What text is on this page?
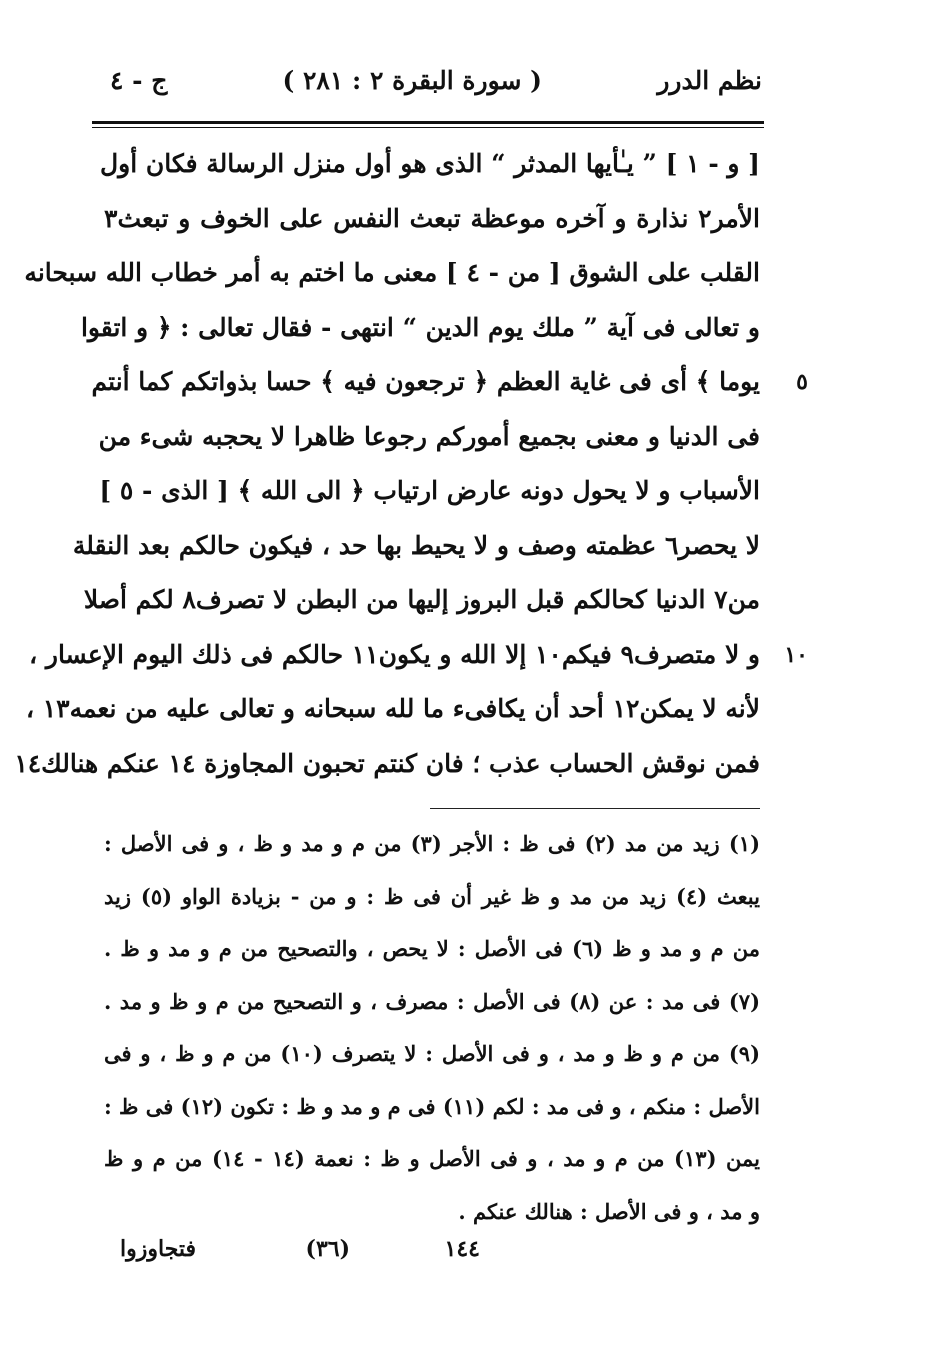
نظم الدرر
( سورة البقرة ٢ : ٢٨١ )
ج - ٤
[ و - ١ ] ” يـٰأيها المدثر “ الذى هو أول منزل الرسالة فكان أول
الأمر٢ نذارة و آخره موعظة تبعث النفس على الخوف و تبعث٣
القلب على الشوق [ من - ٤ ] معنى ما اختم به أمر خطاب الله سبحانه
و تعالى فى آية ” ملك يوم الدين “ انتهى - فقال تعالى : ﴿ و اتقوا
٥
يوما ﴾ أى فى غاية العظم ﴿ ترجعون فيه ﴾ حسا بذواتكم كما أنتم
فى الدنيا و معنى بجميع أموركم رجوعا ظاهرا لا يحجبه شىء من
الأسباب و لا يحول دونه عارض ارتياب ﴿ الى الله ﴾ [ الذى - ٥ ]
لا يحصر٦ عظمته وصف و لا يحيط بها حد ، فيكون حالكم بعد النقلة
من٧ الدنيا كحالكم قبل البروز إليها من البطن لا تصرف٨ لكم أصلا
١٠
و لا متصرف٩ فيكم١٠ إلا الله و يكون١١ حالكم فى ذلك اليوم الإعسار ،
لأنه لا يمكن١٢ أحد أن يكافىء ما لله سبحانه و تعالى عليه من نعمه١٣ ،
فمن نوقش الحساب عذب ؛ فان كنتم تحبون المجاوزة ١٤ عنكم هنالك١٤
(١) زيد من مد (٢) فى ظ : الأجر (٣) من م و مد و ظ ، و فى الأصل :
يبعث (٤) زيد من مد و ظ غير أن فى ظ : و من - بزيادة الواو (٥) زيد
من م و مد و ظ (٦) فى الأصل : لا يحص ، والتصحيح من م و مد و ظ .
(٧) فى مد : عن (٨) فى الأصل : مصرف ، و التصحيح من م و ظ و مد .
(٩) من م و ظ و مد ، و فى الأصل : لا يتصرف (١٠) من م و ظ ، و فى
الأصل : منكم ، و فى مد : لكم (١١) فى م و مد و ظ : تكون (١٢) فى ظ :
يمن (١٣) من م و مد ، و فى الأصل و ظ : نعمة (١٤ - ١٤) من م و ظ
و مد ، و فى الأصل : هنالك عنكم .
١٤٤
(٣٦)
فتجاوزوا
